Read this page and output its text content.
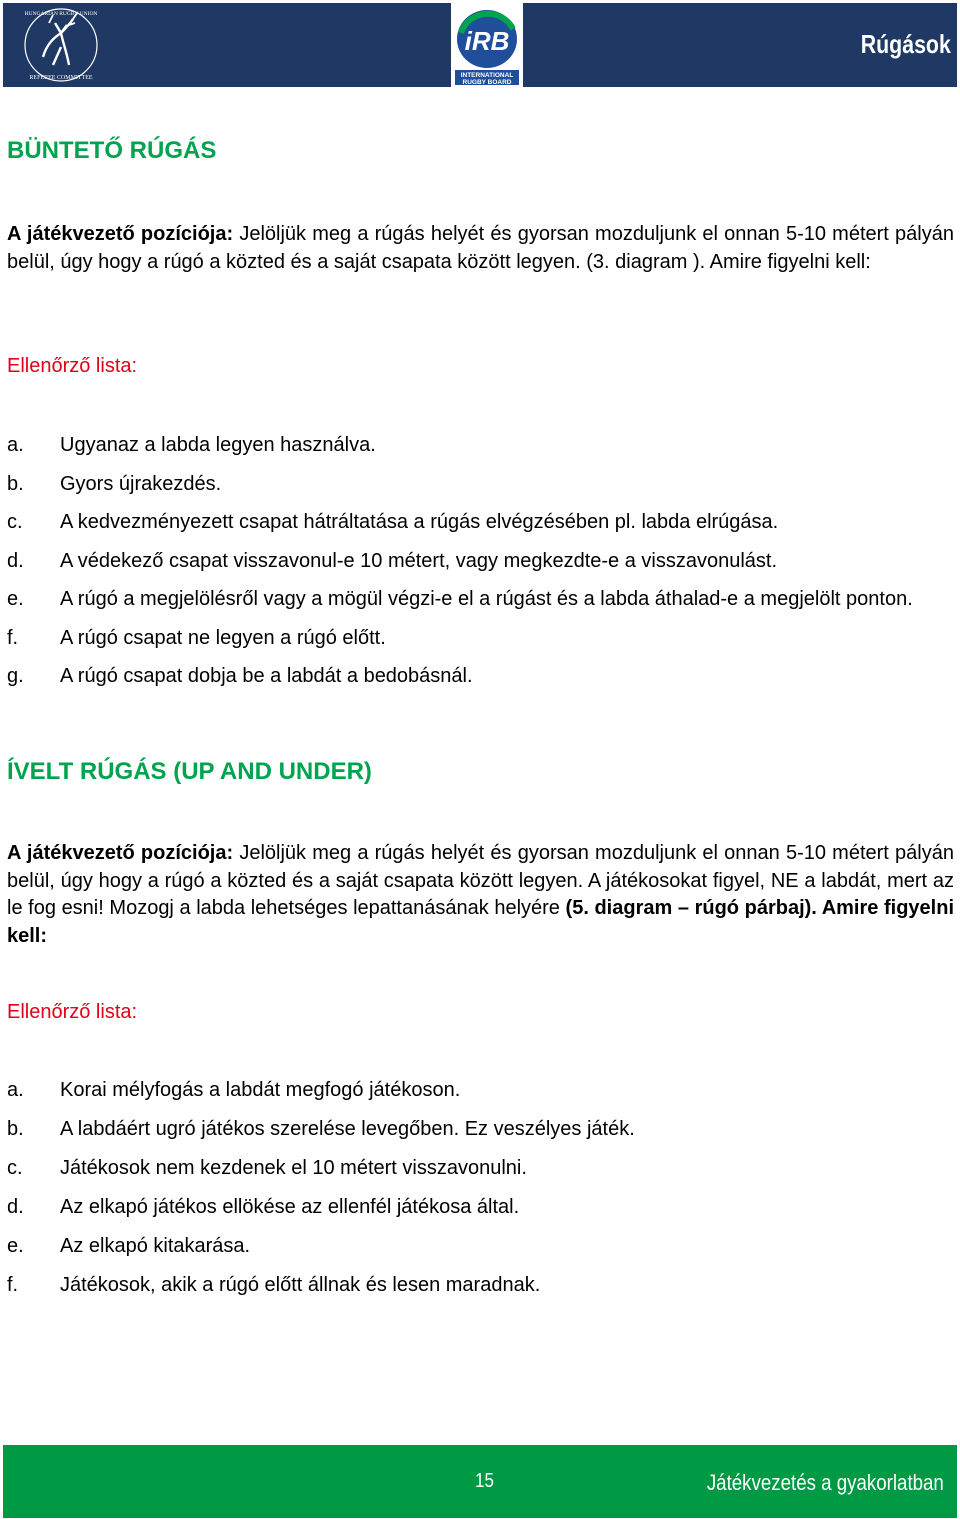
REFEREE COMMITTEE
HUNGARIAN RUGBY UNION
iRB
INTERNATIONAL
RUGBY BOARD
Rúgások
BÜNTETŐ RÚGÁS
A játékvezető pozíciója: Jelöljük meg a rúgás helyét és gyorsan mozduljunk el onnan 5-10 métert pályán belül, úgy hogy a rúgó a közted és a saját csapata között legyen. (3. diagram ). Amire figyelni kell:
Ellenőrző lista:
a. Ugyanaz a labda legyen használva.
b. Gyors újrakezdés.
c. A kedvezményezett csapat hátráltatása a rúgás elvégzésében pl. labda elrúgása.
d. A védekező csapat visszavonul-e 10 métert, vagy megkezdte-e a visszavonulást.
e. A rúgó a megjelölésről vagy a mögül végzi-e el a rúgást és a labda áthalad-e a megjelölt ponton.
f. A rúgó csapat ne legyen a rúgó előtt.
g. A rúgó csapat dobja be a labdát a bedobásnál.
ÍVELT RÚGÁS (UP AND UNDER)
A játékvezető pozíciója: Jelöljük meg a rúgás helyét és gyorsan mozduljunk el onnan 5-10 métert pályán belül, úgy hogy a rúgó a közted és a saját csapata között legyen. A játékosokat figyel, NE a labdát, mert az le fog esni! Mozogj a labda lehetséges lepattanásának helyére (5. diagram – rúgó párbaj). Amire figyelni kell:
Ellenőrző lista:
a. Korai mélyfogás a labdát megfogó játékoson.
b. A labdáért ugró játékos szerelése levegőben. Ez veszélyes játék.
c. Játékosok nem kezdenek el 10 métert visszavonulni.
d. Az elkapó játékos ellökése az ellenfél játékosa által.
e. Az elkapó kitakarása.
f. Játékosok, akik a rúgó előtt állnak és lesen maradnak.
15	Játékvezetés a gyakorlatban
